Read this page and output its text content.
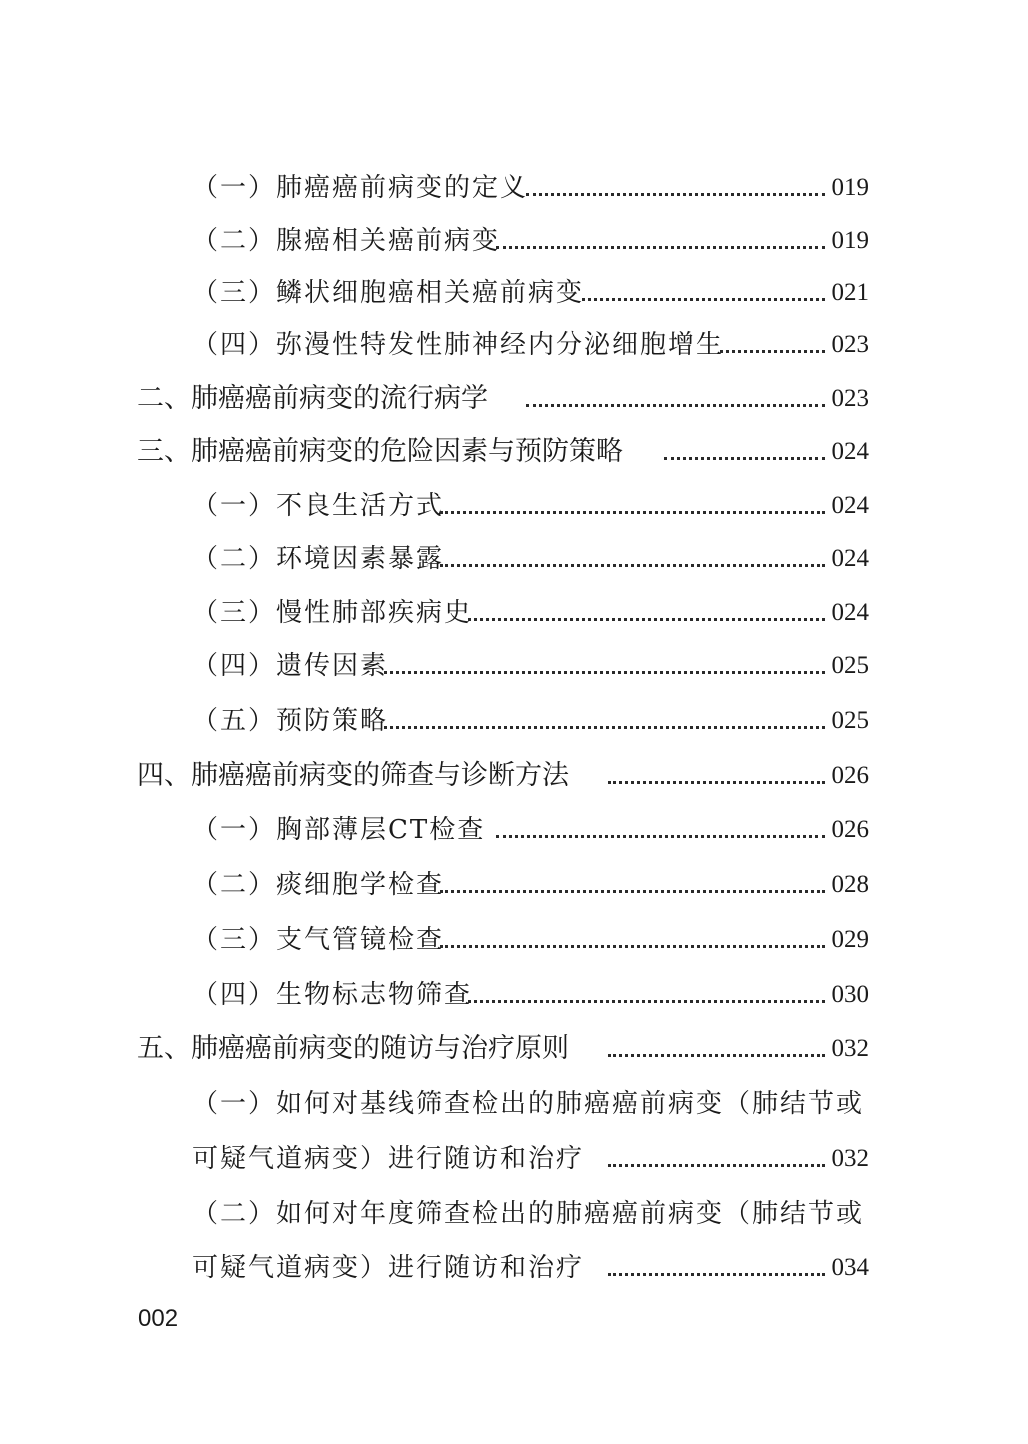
（一）肺癌癌前病变的定义	019
（二）腺癌相关癌前病变	019
（三）鳞状细胞癌相关癌前病变	021
（四）弥漫性特发性肺神经内分泌细胞增生	023
二、肺癌癌前病变的流行病学	023
三、肺癌癌前病变的危险因素与预防策略	024
（一）不良生活方式	024
（二）环境因素暴露	024
（三）慢性肺部疾病史	024
（四）遗传因素	025
（五）预防策略	025
四、肺癌癌前病变的筛查与诊断方法	026
（一）胸部薄层CT检查	026
（二）痰细胞学检查	028
（三）支气管镜检查	029
（四）生物标志物筛查	030
五、肺癌癌前病变的随访与治疗原则	032
（一）如何对基线筛查检出的肺癌癌前病变（肺结节或
可疑气道病变）进行随访和治疗	032
（二）如何对年度筛查检出的肺癌癌前病变（肺结节或
可疑气道病变）进行随访和治疗	034
002
